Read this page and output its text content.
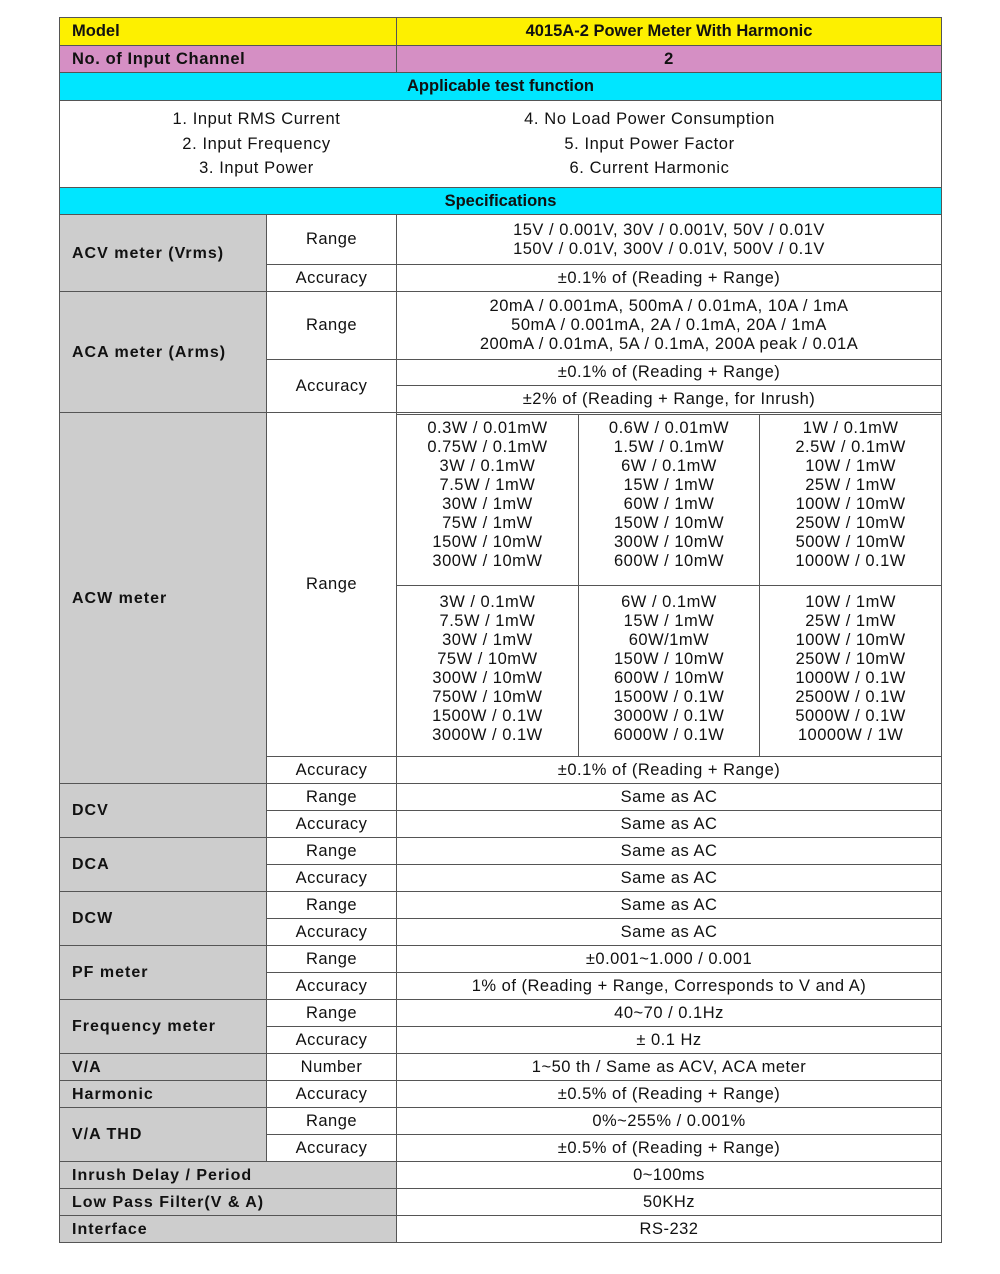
Model	4015A-2 Power Meter With Harmonic
No. of Input Channel	2
Applicable test function

1. Input RMS Current
2. Input Frequency
3. Input Power
4. No Load Power Consumption
5. Input Power Factor
6. Current Harmonic

Specifications
ACV meter (Vrms)	Range	
15V / 0.001V, 30V / 0.001V, 50V / 0.01V
150V / 0.01V, 300V / 0.01V, 500V / 0.1V

Accuracy	±0.1% of (Reading + Range)
ACA meter (Arms)	Range	
20mA / 0.001mA, 500mA / 0.01mA, 10A / 1mA
50mA / 0.001mA, 2A / 0.1mA, 20A / 1mA
200mA / 0.01mA, 5A / 0.1mA, 200A peak / 0.01A

Accuracy	±0.1% of (Reading + Range)
±2% of (Reading + Range, for Inrush)
ACW meter	Range	
0.3W / 0.01mW
0.75W / 0.1mW
3W / 0.1mW
7.5W / 1mW
30W / 1mW
75W / 1mW
150W / 10mW
300W / 10mW

0.6W / 0.01mW
1.5W / 0.1mW
6W / 0.1mW
15W / 1mW
60W / 1mW
150W / 10mW
300W / 10mW
600W / 10mW

1W / 0.1mW
2.5W / 0.1mW
10W / 1mW
25W / 1mW
100W / 10mW
250W / 10mW
500W / 10mW
1000W / 0.1W

3W / 0.1mW
7.5W / 1mW
30W / 1mW
75W / 10mW
300W / 10mW
750W / 10mW
1500W / 0.1W
3000W / 0.1W

6W / 0.1mW
15W / 1mW
60W/1mW
150W / 10mW
600W / 10mW
1500W / 0.1W
3000W / 0.1W
6000W / 0.1W

10W / 1mW
25W / 1mW
100W / 10mW
250W / 10mW
1000W / 0.1W
2500W / 0.1W
5000W / 0.1W
10000W / 1W

Accuracy	±0.1% of (Reading + Range)
DCV	Range	Same as AC
Accuracy	Same as AC
DCA	Range	Same as AC
Accuracy	Same as AC
DCW	Range	Same as AC
Accuracy	Same as AC
PF meter	Range	±0.001~1.000 / 0.001
Accuracy	1% of (Reading + Range, Corresponds to V and A)
Frequency meter	Range	40~70 / 0.1Hz
Accuracy	± 0.1 Hz
V/A	Number	1~50 th / Same as ACV, ACA meter
Harmonic	Accuracy	±0.5% of (Reading + Range)
V/A THD	Range	0%~255% / 0.001%
Accuracy	±0.5% of (Reading + Range)
Inrush Delay / Period	0~100ms
Low Pass Filter(V & A)	50KHz
Interface	RS-232
